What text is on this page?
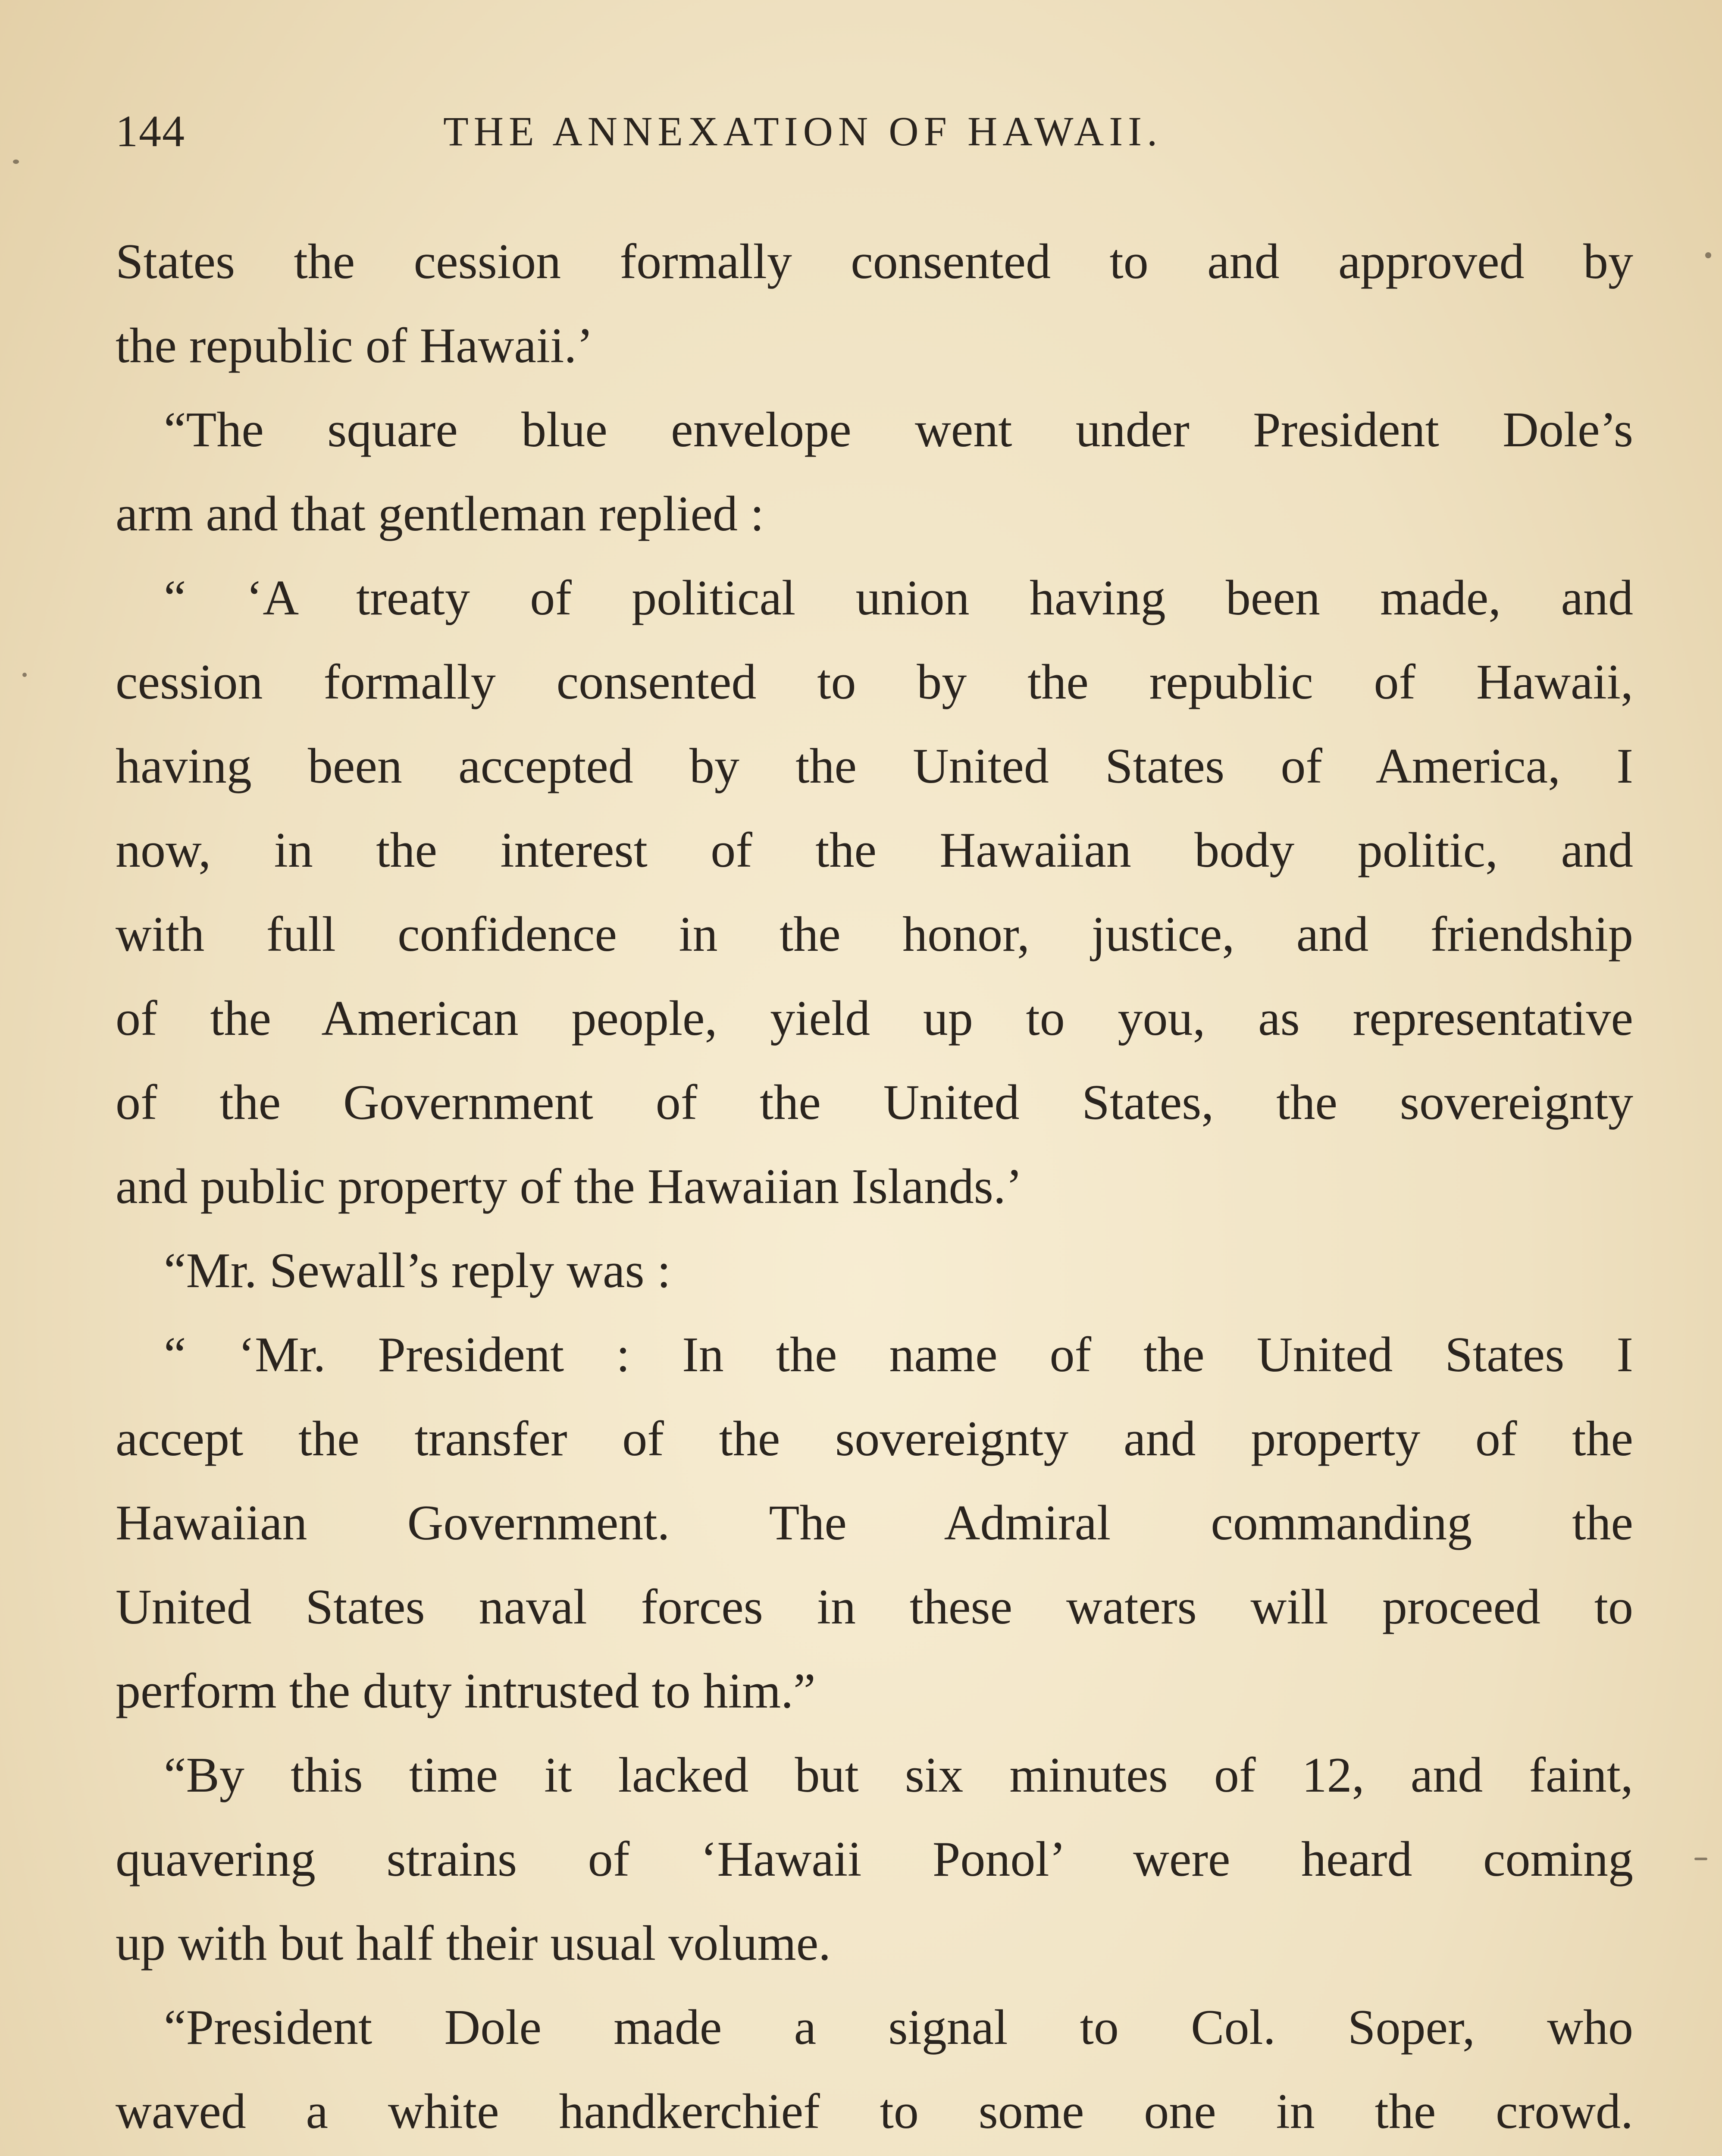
144	THE ANNEXATION OF HAWAII.
States the cession formally consented to and approved by
the republic of Hawaii.’
“The square blue envelope went under President Dole’s
arm and that gentleman replied :
“ ‘A treaty of political union having been made, and
cession formally consented to by the republic of Hawaii,
having been accepted by the United States of America, I
now, in the interest of the Hawaiian body politic, and
with full confidence in the honor, justice, and friendship
of the American people, yield up to you, as representative
of the Government of the United States, the sovereignty
and public property of the Hawaiian Islands.’
“Mr. Sewall’s reply was :
“ ‘Mr. President : In the name of the United States I
accept the transfer of the sovereignty and property of the
Hawaiian Government. The Admiral commanding the
United States naval forces in these waters will proceed to
perform the duty intrusted to him.”
“By this time it lacked but six minutes of 12, and faint,
quavering strains of ‘Hawaii Ponol’ were heard coming
up with but half their usual volume.
“President Dole made a signal to Col. Soper, who
waved a white handkerchief to some one in the crowd.
